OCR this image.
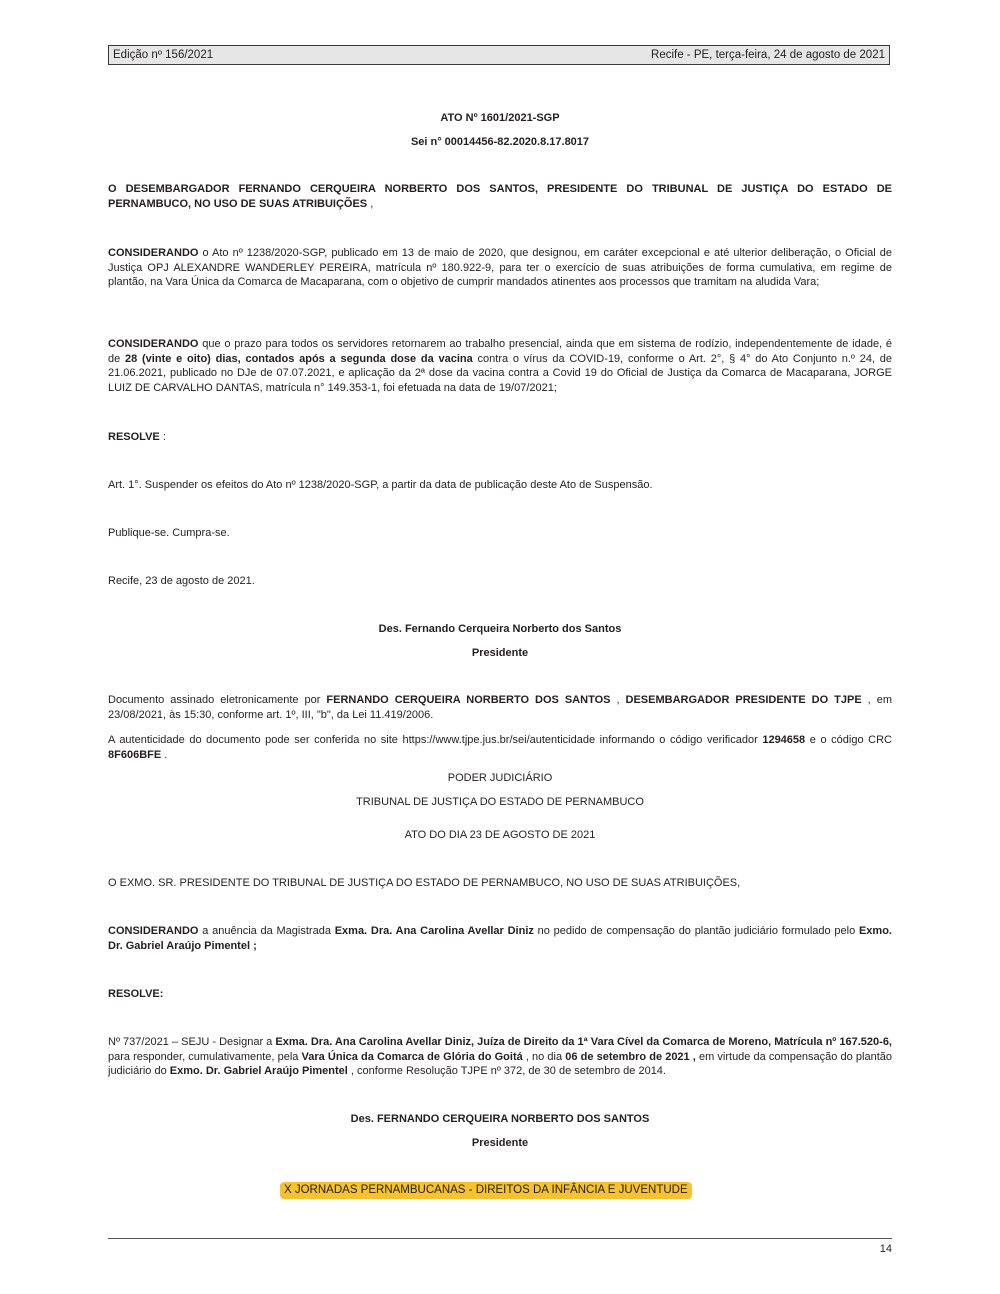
Edição nº 156/2021	Recife - PE, terça-feira, 24 de agosto de 2021
ATO Nº 1601/2021-SGP
Sei n° 00014456-82.2020.8.17.8017
O DESEMBARGADOR FERNANDO CERQUEIRA NORBERTO DOS SANTOS, PRESIDENTE DO TRIBUNAL DE JUSTIÇA DO ESTADO DE PERNAMBUCO, NO USO DE SUAS ATRIBUIÇÕES ,
CONSIDERANDO o Ato nº 1238/2020-SGP, publicado em 13 de maio de 2020, que designou, em caráter excepcional e até ulterior deliberação, o Oficial de Justiça OPJ ALEXANDRE WANDERLEY PEREIRA, matrícula nº 180.922-9, para ter o exercício de suas atribuições de forma cumulativa, em regime de plantão, na Vara Única da Comarca de Macaparana, com o objetivo de cumprir mandados atinentes aos processos que tramitam na aludida Vara;
CONSIDERANDO que o prazo para todos os servidores retornarem ao trabalho presencial, ainda que em sistema de rodízio, independentemente de idade, é de 28 (vinte e oito) dias, contados após a segunda dose da vacina contra o vírus da COVID-19, conforme o Art. 2°, § 4° do Ato Conjunto n.º 24, de 21.06.2021, publicado no DJe de 07.07.2021, e aplicação da 2ª dose da vacina contra a Covid 19 do Oficial de Justiça da Comarca de Macaparana, JORGE LUIZ DE CARVALHO DANTAS, matrícula n° 149.353-1, foi efetuada na data de 19/07/2021;
RESOLVE :
Art. 1°. Suspender os efeitos do Ato nº 1238/2020-SGP, a partir da data de publicação deste Ato de Suspensão.
Publique-se. Cumpra-se.
Recife, 23 de agosto de 2021.
Des. Fernando Cerqueira Norberto dos Santos
Presidente
Documento assinado eletronicamente por FERNANDO CERQUEIRA NORBERTO DOS SANTOS , DESEMBARGADOR PRESIDENTE DO TJPE , em 23/08/2021, às 15:30, conforme art. 1º, III, "b", da Lei 11.419/2006.
A autenticidade do documento pode ser conferida no site https://www.tjpe.jus.br/sei/autenticidade informando o código verificador 1294658 e o código CRC 8F606BFE .
PODER JUDICIÁRIO
TRIBUNAL DE JUSTIÇA DO ESTADO DE PERNAMBUCO
ATO DO DIA 23 DE AGOSTO DE 2021
O EXMO. SR. PRESIDENTE DO TRIBUNAL DE JUSTIÇA DO ESTADO DE PERNAMBUCO, NO USO DE SUAS ATRIBUIÇÕES,
CONSIDERANDO a anuência da Magistrada Exma. Dra. Ana Carolina Avellar Diniz no pedido de compensação do plantão judiciário formulado pelo Exmo. Dr. Gabriel Araújo Pimentel ;
RESOLVE:
Nº 737/2021 – SEJU - Designar a Exma. Dra. Ana Carolina Avellar Diniz, Juíza de Direito da 1ª Vara Cível da Comarca de Moreno, Matrícula nº 167.520-6, para responder, cumulativamente, pela Vara Única da Comarca de Glória do Goitá , no dia 06 de setembro de 2021 , em virtude da compensação do plantão judiciário do Exmo. Dr. Gabriel Araújo Pimentel , conforme Resolução TJPE nº 372, de 30 de setembro de 2014.
Des. FERNANDO CERQUEIRA NORBERTO DOS SANTOS
Presidente
X JORNADAS PERNAMBUCANAS - DIREITOS DA INFÂNCIA E JUVENTUDE
14
